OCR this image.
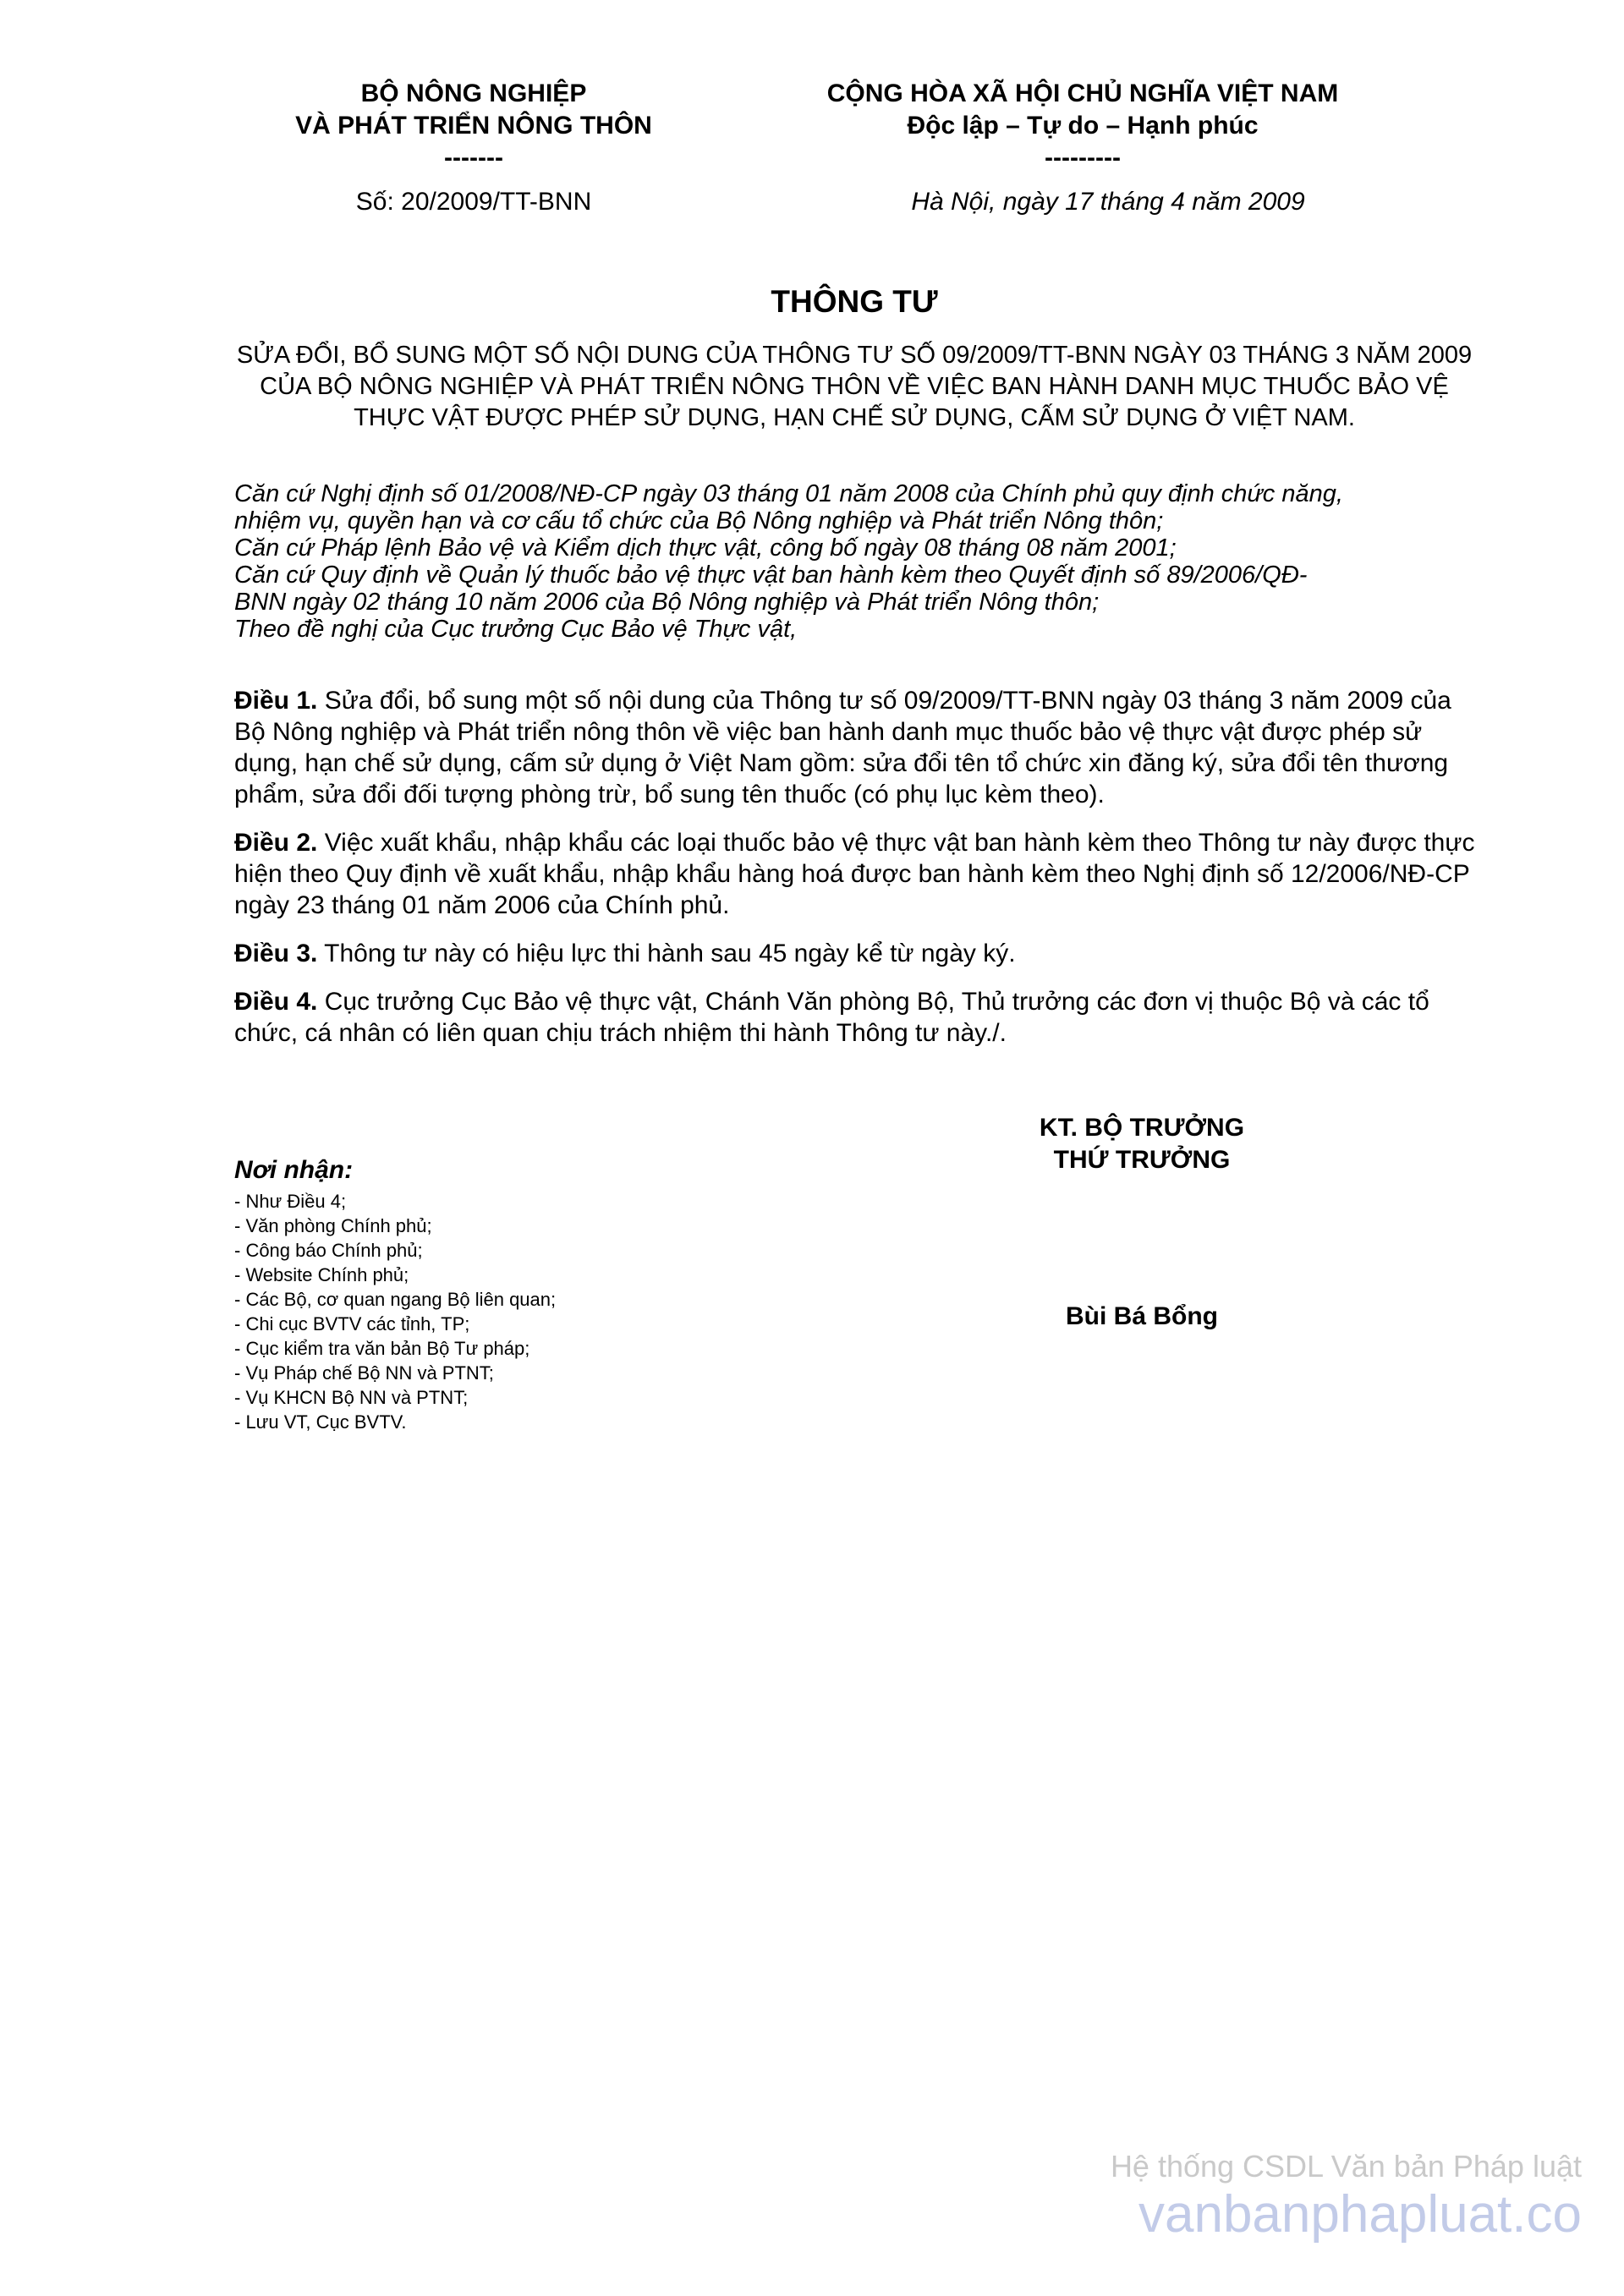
BỘ NÔNG NGHIỆP
VÀ PHÁT TRIỂN NÔNG THÔN
-------
CỘNG HÒA XÃ HỘI CHỦ NGHĨA VIỆT NAM
Độc lập – Tự do – Hạnh phúc
---------
Số: 20/2009/TT-BNN	Hà Nội, ngày 17 tháng 4 năm 2009
THÔNG TƯ
SỬA ĐỔI, BỔ SUNG MỘT SỐ NỘI DUNG CỦA THÔNG TƯ SỐ 09/2009/TT-BNN NGÀY 03 THÁNG 3 NĂM 2009 CỦA BỘ NÔNG NGHIỆP VÀ PHÁT TRIỂN NÔNG THÔN VỀ VIỆC BAN HÀNH DANH MỤC THUỐC BẢO VỆ THỰC VẬT ĐƯỢC PHÉP SỬ DỤNG, HẠN CHẾ SỬ DỤNG, CẤM SỬ DỤNG Ở VIỆT NAM.
Căn cứ Nghị định số 01/2008/NĐ-CP ngày 03 tháng 01 năm 2008 của Chính phủ quy định chức năng,
nhiệm vụ, quyền hạn và cơ cấu tổ chức của Bộ Nông nghiệp và Phát triển Nông thôn;
Căn cứ Pháp lệnh Bảo vệ và Kiểm dịch thực vật, công bố ngày 08 tháng 08 năm 2001;
Căn cứ Quy định về Quản lý thuốc bảo vệ thực vật ban hành kèm theo Quyết định số 89/2006/QĐ-
BNN ngày 02 tháng 10 năm 2006 của Bộ Nông nghiệp và Phát triển Nông thôn;
Theo đề nghị của Cục trưởng Cục Bảo vệ Thực vật,

Điều 1. Sửa đổi, bổ sung một số nội dung của Thông tư số 09/2009/TT-BNN ngày 03 tháng 3 năm 2009 của Bộ Nông nghiệp và Phát triển nông thôn về việc ban hành danh mục thuốc bảo vệ thực vật được phép sử dụng, hạn chế sử dụng, cấm sử dụng ở Việt Nam gồm: sửa đổi tên tổ chức xin đăng ký, sửa đổi tên thương phẩm, sửa đổi đối tượng phòng trừ, bổ sung tên thuốc (có phụ lục kèm theo).

Điều 2. Việc xuất khẩu, nhập khẩu các loại thuốc bảo vệ thực vật ban hành kèm theo Thông tư này được thực hiện theo Quy định về xuất khẩu, nhập khẩu hàng hoá được ban hành kèm theo Nghị định số 12/2006/NĐ-CP ngày 23 tháng 01 năm 2006 của Chính phủ.

Điều 3. Thông tư này có hiệu lực thi hành sau 45 ngày kể từ ngày ký.

Điều 4. Cục trưởng Cục Bảo vệ thực vật, Chánh Văn phòng Bộ, Thủ trưởng các đơn vị thuộc Bộ và các tổ chức, cá nhân có liên quan chịu trách nhiệm thi hành Thông tư này./.

KT. BỘ TRƯỞNG
THỨ TRƯỞNG
Bùi Bá Bổng
Nơi nhận:
- Như Điều 4;
- Văn phòng Chính phủ;
- Công báo Chính phủ;
- Website Chính phủ;
- Các Bộ, cơ quan ngang Bộ liên quan;
- Chi cục BVTV các tỉnh, TP;
- Cục kiểm tra văn bản Bộ Tư pháp;
- Vụ Pháp chế Bộ NN và PTNT;
- Vụ KHCN Bộ NN và PTNT;
- Lưu VT, Cục BVTV.
Hệ thống CSDL Văn bản Pháp luật
vanbanphapluat.co
